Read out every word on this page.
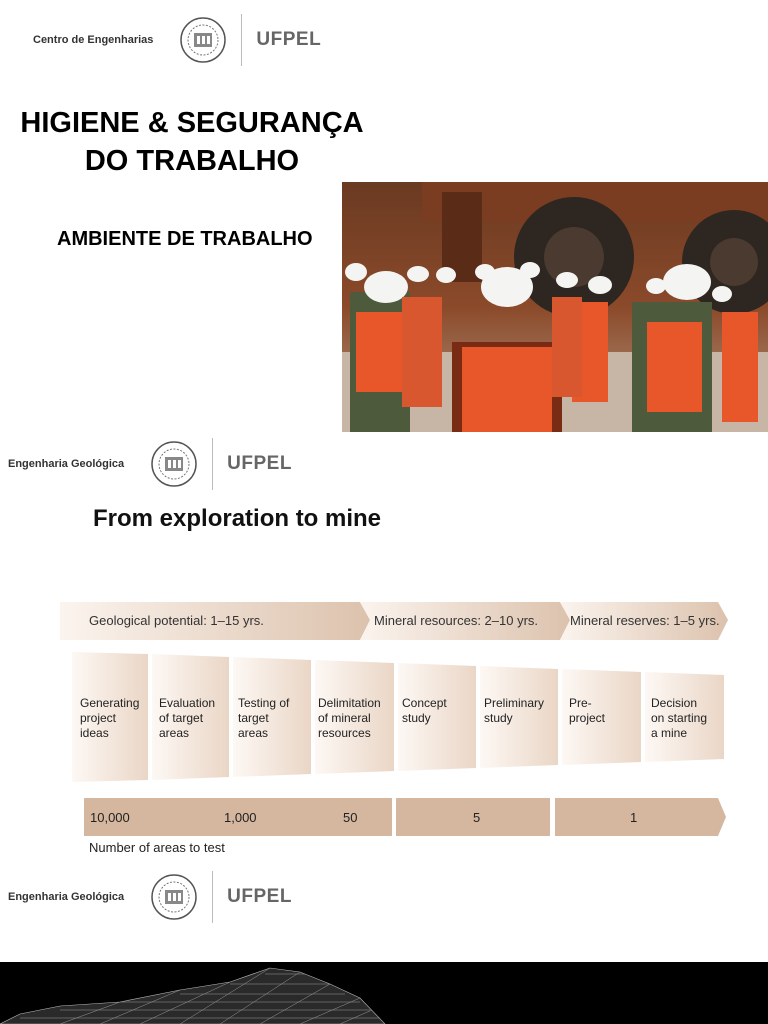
Centro de Engenharias	UFPEL
HIGIENE & SEGURANÇA
DO TRABALHO
AMBIENTE DE TRABALHO
Engenharia Geológica	UFPEL
From exploration to mine
Geological potential: 1–15 yrs.	Mineral resources: 2–10 yrs. Mineral reserves: 1–5 yrs.
Generating
project
ideas
Evaluation
of target
areas
Testing of
target
areas
Delimitation
of mineral
resources
Concept
study
Preliminary
study
Pre-
project
Decision
on starting
a mine
10,000	1,000	50	5	1
Number of areas to test
Engenharia Geológica	UFPEL
